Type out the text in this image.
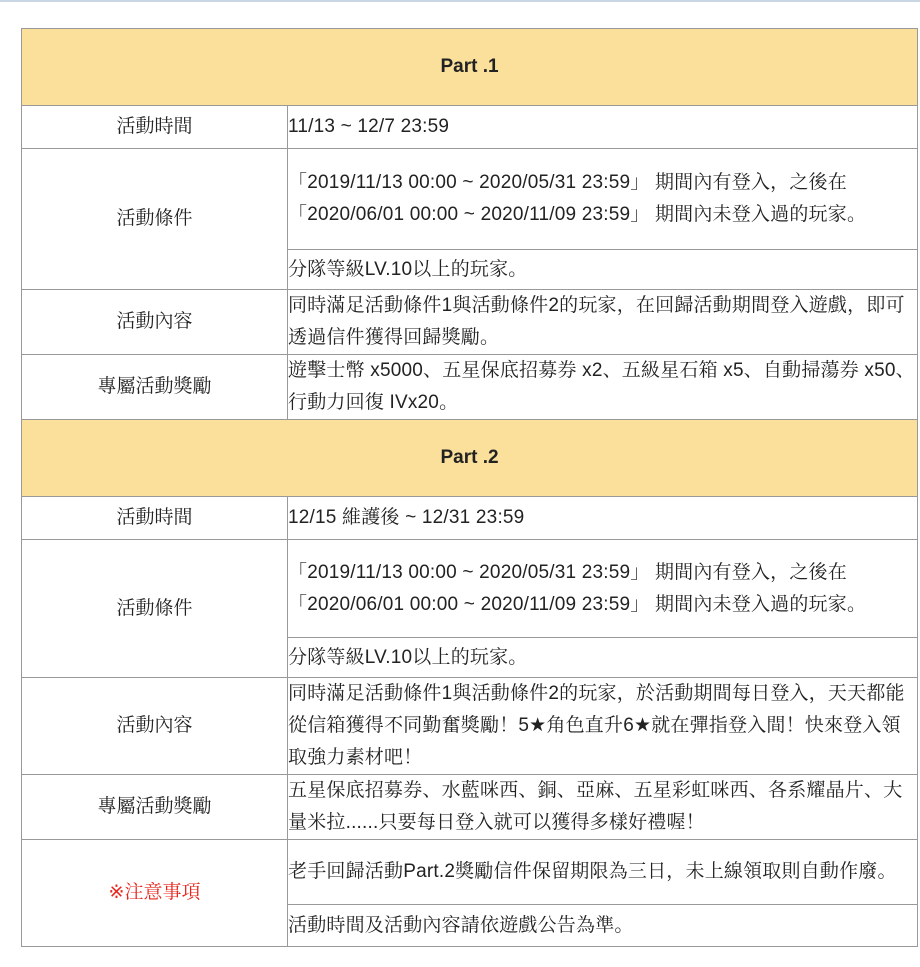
Part .1	
活動時間	11/13 ~ 12/7 23:59
活動條件	「2019/11/13 00:00 ~ 2020/05/31 23:59」 期間內有登入，之後在「2020/06/01 00:00 ~ 2020/11/09 23:59」 期間內未登入過的玩家。
	分隊等級LV.10以上的玩家。
活動內容	同時滿足活動條件1與活動條件2的玩家，在回歸活動期間登入遊戲，即可透過信件獲得回歸獎勵。
專屬活動獎勵	遊擊士幣 x5000、五星保底招募券 x2、五級星石箱 x5、自動掃蕩券 x50、行動力回復 IVx20。
Part .2	
活動時間	12/15 維護後 ~ 12/31 23:59
活動條件	「2019/11/13 00:00 ~ 2020/05/31 23:59」 期間內有登入，之後在「2020/06/01 00:00 ~ 2020/11/09 23:59」 期間內未登入過的玩家。
	分隊等級LV.10以上的玩家。
活動內容	同時滿足活動條件1與活動條件2的玩家，於活動期間每日登入，天天都能從信箱獲得不同勤奮獎勵！5★角色直升6★就在彈指登入間！快來登入領取強力素材吧！
專屬活動獎勵	五星保底招募券、水藍咪西、銅、亞麻、五星彩虹咪西、各系耀晶片、大量米拉......只要每日登入就可以獲得多樣好禮喔！
※注意事項	老手回歸活動Part.2獎勵信件保留期限為三日，未上線領取則自動作廢。
	活動時間及活動內容請依遊戲公告為準。
